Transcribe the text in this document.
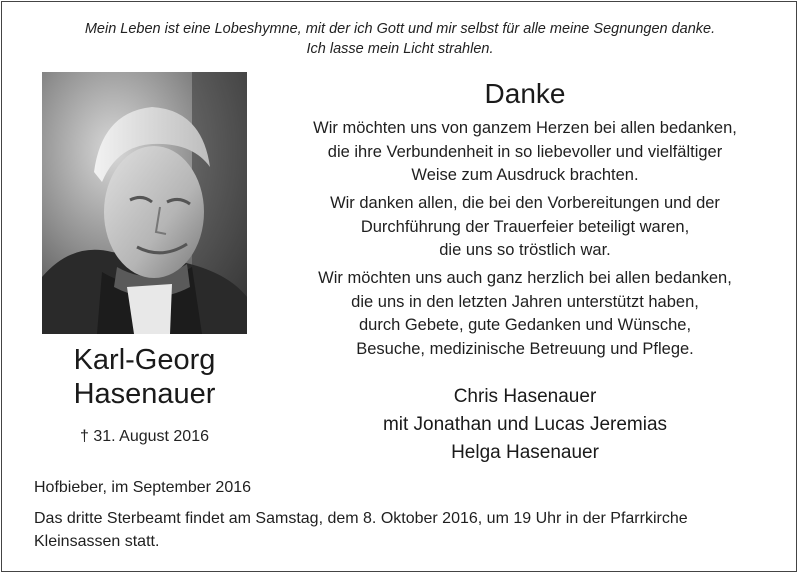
Mein Leben ist eine Lobeshymne, mit der ich Gott und mir selbst für alle meine Segnungen danke.
Ich lasse mein Licht strahlen.
Karl-Georg
Hasenauer
† 31. August 2016
Danke
Wir möchten uns von ganzem Herzen bei allen bedanken,
die ihre Verbundenheit in so liebevoller und vielfältiger
Weise zum Ausdruck brachten.
Wir danken allen, die bei den Vorbereitungen und der
Durchführung der Trauerfeier beteiligt waren,
die uns so tröstlich war.
Wir möchten uns auch ganz herzlich bei allen bedanken,
die uns in den letzten Jahren unterstützt haben,
durch Gebete, gute Gedanken und Wünsche,
Besuche, medizinische Betreuung und Pflege.
Chris Hasenauer
mit Jonathan und Lucas Jeremias
Helga Hasenauer
Hofbieber, im September 2016
Das dritte Sterbeamt findet am Samstag, dem 8. Oktober 2016, um 19 Uhr in der Pfarrkirche Kleinsassen statt.
